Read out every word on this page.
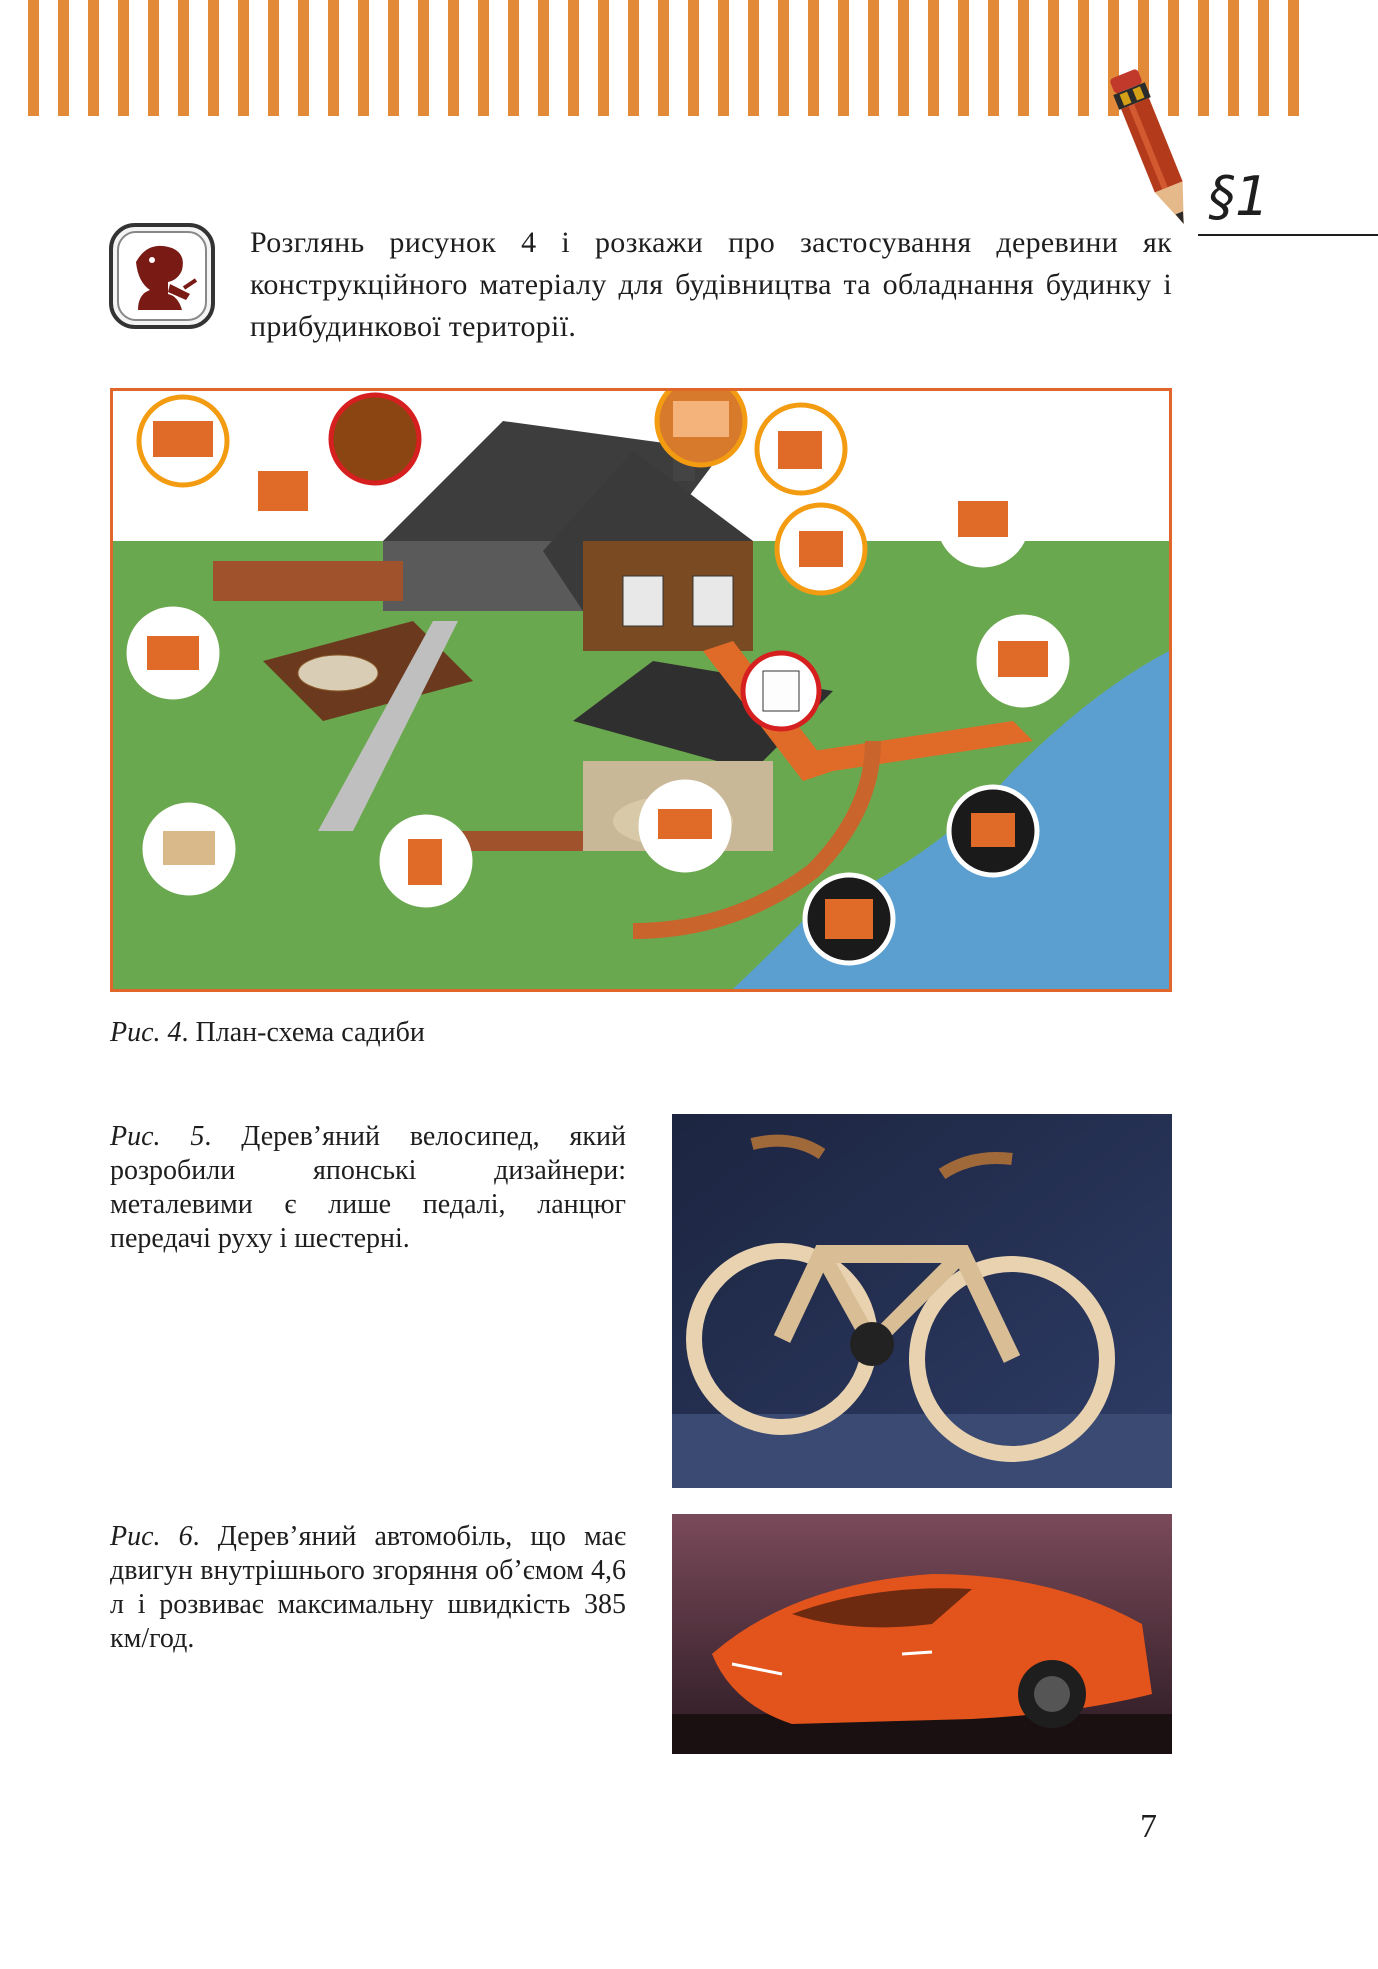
§1
Розглянь рисунок 4 і розкажи про застосування деревини як конструкційного матеріалу для будівництва та обладнання будинку і прибудинкової території.
Рис. 4. План-схема садиби
Рис. 5. Дерев’яний велосипед, який розробили японські дизайнери: металевими є лише педалі, ланцюг передачі руху і шестерні.
Рис. 6. Дерев’яний автомобіль, що має двигун внутрішнього згоряння об’ємом 4,6 л і розвиває максимальну швидкість 385 км/год.
7
